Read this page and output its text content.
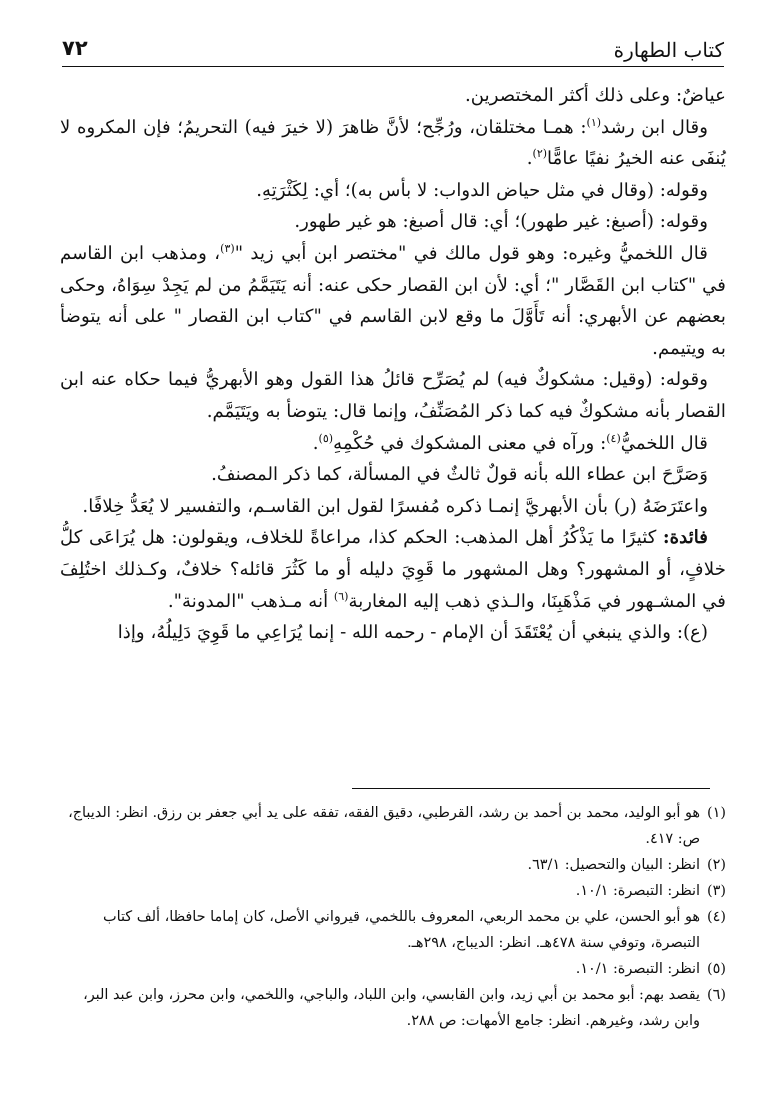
كتاب الطهارة
٧٢

عياضٌ: وعلى ذلك أكثر المختصرين.

وقال ابن رشد$^{(١)}$: همـا مختلقان، ورُجِّح؛ لأنَّ ظاهرَ (لا خيرَ فيه) التحريمُ؛ فإن المكروه لا يُنفَى عنه الخيرُ نفيًا عامًّا$^{(٢)}$.

وقوله: (وقال في مثل حياض الدواب: لا بأس به)؛ أي: لِكَثْرَتِهِ.

وقوله: (أصبغ: غير طهور)؛ أي: قال أصبغ: هو غير طهور.

قال اللخميُّ وغيره: وهو قول مالك في "مختصر ابن أبي زيد "$^{(٣)}$، ومذهب ابن القاسم في "كتاب ابن القَصَّار "؛ أي: لأن ابن القصار حكى عنه: أنه يَتَيَمَّمُ من لم يَجِدْ سِوَاهُ، وحكى بعضهم عن الأبهري: أنه تَأَوَّلَ ما وقع لابن القاسم في "كتاب ابن القصار " على أنه يتوضأ به ويتيمم.

وقوله: (وقيل: مشكوكٌ فيه) لم يُصَرِّح قائلُ هذا القول وهو الأبهريُّ فيما حكاه عنه ابن القصار بأنه مشكوكٌ فيه كما ذكر المُصَنِّفُ، وإنما قال: يتوضأ به ويَتَيَمَّم.

قال اللخميُّ$^{(٤)}$: ورآه في معنى المشكوك في حُكْمِهِ$^{(٥)}$.

وَصَرَّحَ ابن عطاء الله بأنه قولٌ ثالثٌ في المسألة، كما ذكر المصنفُ.

واعتَرَضَهُ (ر) بأن الأبهريَّ إنمـا ذكره مُفسرًا لقول ابن القاسـم، والتفسير لا يُعَدُّ خِلافًا.

فائدة: كثيرًا ما يَذْكُرُ أهل المذهب: الحكم كذا، مراعاةً للخلاف، ويقولون: هل يُرَاعَى كلُّ خلافٍ، أو المشهور؟ وهل المشهور ما قَوِيَ دليله أو ما كَثُرَ قائله؟ خلافٌ، وكـذلك اختُلِفَ في المشـهور في مَذْهَبِنَا، والـذي ذهب إليه المغاربة$^{(٦)}$ أنه مـذهب "المدونة".

(ع): والذي ينبغي أن يُعْتَقَدَ أن الإمام - رحمه الله - إنما يُرَاعِي ما قَوِيَ دَلِيلُهُ، وإذا

(١)
هو أبو الوليد، محمد بن أحمد بن رشد، القرطبي، دقيق الفقه، تفقه على يد أبي جعفر بن رزق. انظر: الديباج، ص: ٤١٧.
(٢)
انظر: البيان والتحصيل: ٦٣/١.
(٣)
انظر: التبصرة: ١٠/١.
(٤)
هو أبو الحسن، علي بن محمد الربعي، المعروف باللخمي، قيرواني الأصل، كان إماما حافظا، ألف كتاب التبصرة، وتوفي سنة ٤٧٨هـ. انظر: الديباج، ٢٩٨هـ.
(٥)
انظر: التبصرة: ١٠/١.
(٦)
يقصد بهم: أبو محمد بن أبي زيد، وابن القابسي، وابن اللباد، والباجي، واللخمي، وابن محرز، وابن عبد البر، وابن رشد، وغيرهم. انظر: جامع الأمهات: ص ٢٨٨.
